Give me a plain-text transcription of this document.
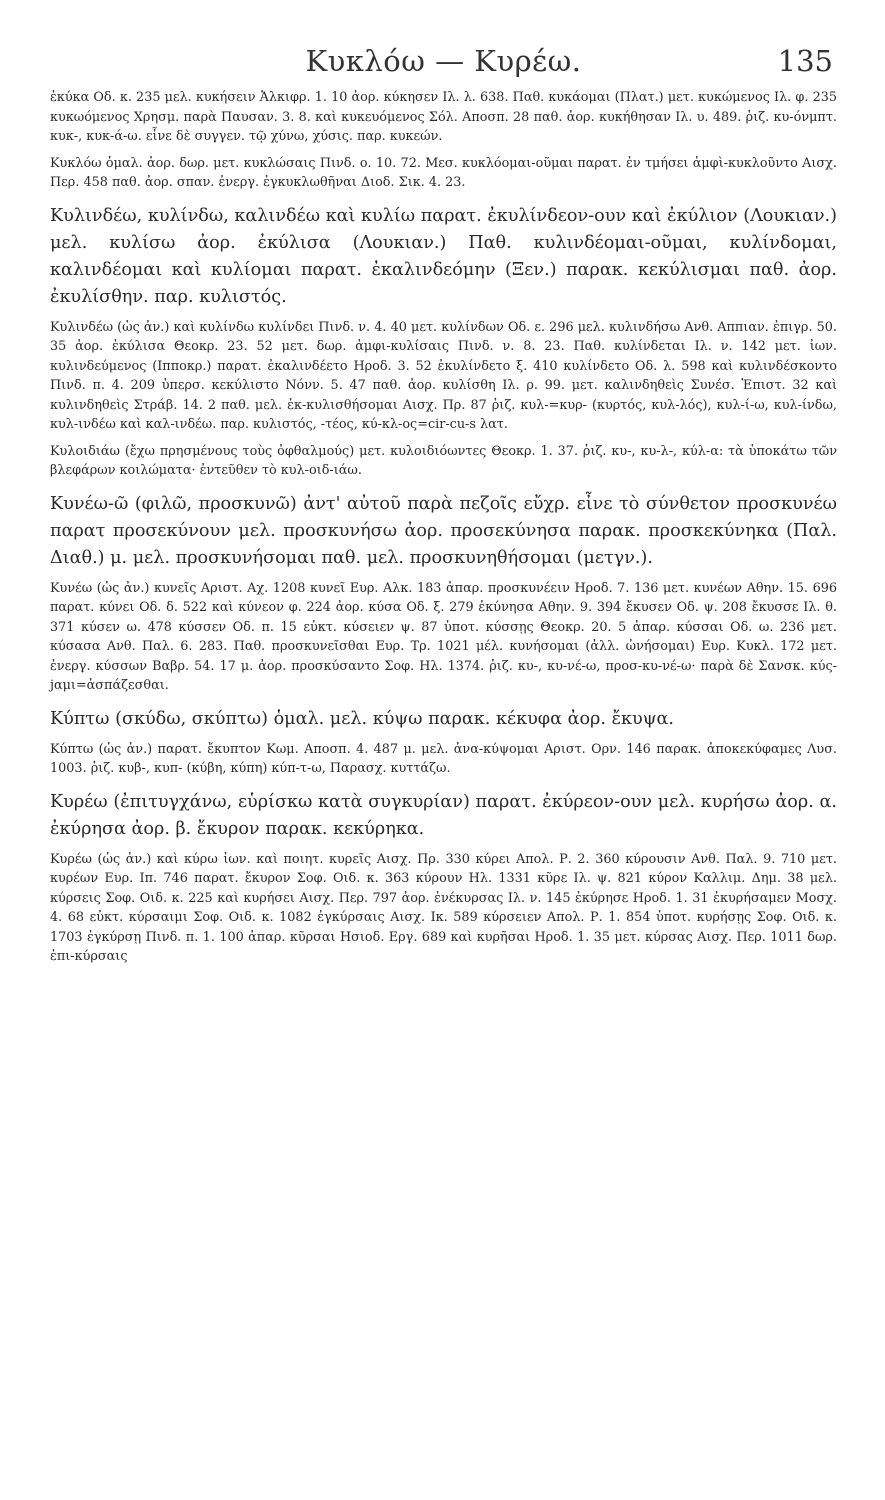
Κυκλόω — Κυρέω.	135

ἐκύκα Οδ. κ. 235 μελ. κυκήσειν Ἀλκιφρ. 1. 10 ἀορ. κύκησεν Ιλ. λ. 638. Παθ. κυκάομαι (Πλατ.) μετ. κυκώμενος Ιλ. φ. 235 κυκωόμενος Χρησμ. παρὰ Παυσαν. 3. 8. καὶ κυκευόμενος Σόλ. Αποσπ. 28 παθ. ἀορ. κυκήθησαν Ιλ. υ. 489. ῥιζ. κυ-όνμπτ. κυκ-, κυκ-ά-ω. εἶνε δὲ συγγεν. τῷ χύνω, χύσις. παρ. κυκεών.

Κυκλόω ὁμαλ. ἀορ. δωρ. μετ. κυκλώσαις Πινδ. ο. 10. 72. Μεσ. κυκλόομαι-οῦμαι παρατ. ἐν τμήσει ἀμφὶ-κυκλοῦντο Αισχ. Περ. 458 παθ. ἀορ. σπαν. ἐνεργ. ἐγκυκλωθῆναι Διοδ. Σικ. 4. 23.

Κυλινδέω, κυλίνδω, καλινδέω καὶ κυλίω παρατ. ἐκυλίνδεον-ουν καὶ ἐκύλιον (Λουκιαν.) μελ. κυλίσω ἀορ. ἐκύλισα (Λουκιαν.) Παθ. κυλινδέομαι-οῦμαι, κυλίνδομαι, καλινδέομαι καὶ κυλίομαι παρατ. ἐκαλινδεόμην (Ξεν.) παρακ. κεκύλισμαι παθ. ἀορ. ἐκυλίσθην. παρ. κυλιστός.

Κυλινδέω (ὡς ἀν.) καὶ κυλίνδω κυλίνδει Πινδ. ν. 4. 40 μετ. κυλίνδων Οδ. ε. 296 μελ. κυλινδήσω Ανθ. Αππιαν. ἐπιγρ. 50. 35 ἀορ. ἐκύλισα Θεοκρ. 23. 52 μετ. δωρ. ἀμφι-κυλίσαις Πινδ. ν. 8. 23. Παθ. κυλίνδεται Ιλ. ν. 142 μετ. ἰων. κυλινδεύμενος (Ιπποκρ.) παρατ. ἐκαλινδέετο Ηροδ. 3. 52 ἐκυλίνδετο ξ. 410 κυλίνδετο Οδ. λ. 598 καὶ κυλινδέσκοντο Πινδ. π. 4. 209 ὑπερσ. κεκύλιστο Νόνν. 5. 47 παθ. ἀορ. κυλίσθη Ιλ. ρ. 99. μετ. καλινδηθεὶς Συνέσ. Ἐπιστ. 32 καὶ κυλινδηθεὶς Στράβ. 14. 2 παθ. μελ. ἐκ-κυλισθήσομαι Αισχ. Πρ. 87 ῥιζ. κυλ-=κυρ- (κυρτός, κυλ-λός), κυλ-ί-ω, κυλ-ίνδω, κυλ-ινδέω καὶ καλ-ινδέω. παρ. κυλιστός, -τέος, κύ-κλ-ος=cir-cu-s λατ.

Κυλοιδιάω (ἔχω πρησμένους τοὺς ὀφθαλμούς) μετ. κυλοιδιόωντες Θεοκρ. 1. 37. ῥιζ. κυ-, κυ-λ-, κύλ-α: τὰ ὑποκάτω τῶν βλεφάρων κοιλώματα· ἐντεῦθεν τὸ κυλ-οιδ-ιάω.

Κυνέω-ῶ (φιλῶ, προσκυνῶ) ἀντ' αὐτοῦ παρὰ πεζοῖς εὔχρ. εἶνε τὸ σύνθετον προσκυνέω παρατ προσεκύνουν μελ. προσκυνήσω ἀορ. προσεκύνησα παρακ. προσκεκύνηκα (Παλ. Διαθ.) μ. μελ. προσκυνήσομαι παθ. μελ. προσκυνηθήσομαι (μετγν.).

Κυνέω (ὡς ἀν.) κυνεῖς Αριστ. Αχ. 1208 κυνεῖ Ευρ. Αλκ. 183 ἀπαρ. προσκυνέειν Ηροδ. 7. 136 μετ. κυνέων Αθην. 15. 696 παρατ. κύνει Οδ. δ. 522 καὶ κύνεον φ. 224 ἀορ. κύσα Οδ. ξ. 279 ἐκύνησα Αθην. 9. 394 ἔκυσεν Οδ. ψ. 208 ἔκυσσε Ιλ. θ. 371 κύσεν ω. 478 κύσσεν Οδ. π. 15 εὐκτ. κύσειεν ψ. 87 ὑποτ. κύσσῃς Θεοκρ. 20. 5 ἀπαρ. κύσσαι Οδ. ω. 236 μετ. κύσασα Ανθ. Παλ. 6. 283. Παθ. προσκυνεῖσθαι Ευρ. Τρ. 1021 μέλ. κυνήσομαι (ἀλλ. ὠνήσομαι) Ευρ. Κυκλ. 172 μετ. ἐνεργ. κύσσων Βαβρ. 54. 17 μ. ἀορ. προσκύσαντο Σοφ. Ηλ. 1374. ῥιζ. κυ-, κυ-νέ-ω, προσ-κυ-νέ-ω· παρὰ δὲ Σανσκ. κύς-jαμι=ἀσπάζεσθαι.

Κύπτω (σκύδω, σκύπτω) ὁμαλ. μελ. κύψω παρακ. κέκυφα ἀορ. ἔκυψα.

Κύπτω (ὡς ἀν.) παρατ. ἔκυπτον Κωμ. Αποσπ. 4. 487 μ. μελ. ἀνα-κύψομαι Αριστ. Ορν. 146 παρακ. ἀποκεκύφαμες Λυσ. 1003. ῥιζ. κυβ-, κυπ- (κύβη, κύπη) κύπ-τ-ω, Παρασχ. κυττάζω.

Κυρέω (ἐπιτυγχάνω, εὑρίσκω κατὰ συγκυρίαν) παρατ. ἐκύρεον-ουν μελ. κυρήσω ἀορ. α. ἐκύρησα ἀορ. β. ἔκυρον παρακ. κεκύρηκα.

Κυρέω (ὡς ἀν.) καὶ κύρω ἰων. καὶ ποιητ. κυρεῖς Αισχ. Πρ. 330 κύρει Απολ. Ρ. 2. 360 κύρουσιν Ανθ. Παλ. 9. 710 μετ. κυρέων Ευρ. Ιπ. 746 παρατ. ἔκυρον Σοφ. Οιδ. κ. 363 κύρουν Ηλ. 1331 κῦρε Ιλ. ψ. 821 κύρον Καλλιμ. Δημ. 38 μελ. κύρσεις Σοφ. Οιδ. κ. 225 καὶ κυρήσει Αισχ. Περ. 797 ἀορ. ἐνέκυρσας Ιλ. ν. 145 ἐκύρησε Ηροδ. 1. 31 ἐκυρήσαμεν Μοσχ. 4. 68 εὐκτ. κύρσαιμι Σοφ. Οιδ. κ. 1082 ἐγκύρσαις Αισχ. Ικ. 589 κύρσειεν Απολ. Ρ. 1. 854 ὑποτ. κυρήσῃς Σοφ. Οιδ. κ. 1703 ἐγκύρσῃ Πινδ. π. 1. 100 ἀπαρ. κῦρσαι Ησιοδ. Εργ. 689 καὶ κυρῆσαι Ηροδ. 1. 35 μετ. κύρσας Αισχ. Περ. 1011 δωρ. ἐπι-κύρσαις
